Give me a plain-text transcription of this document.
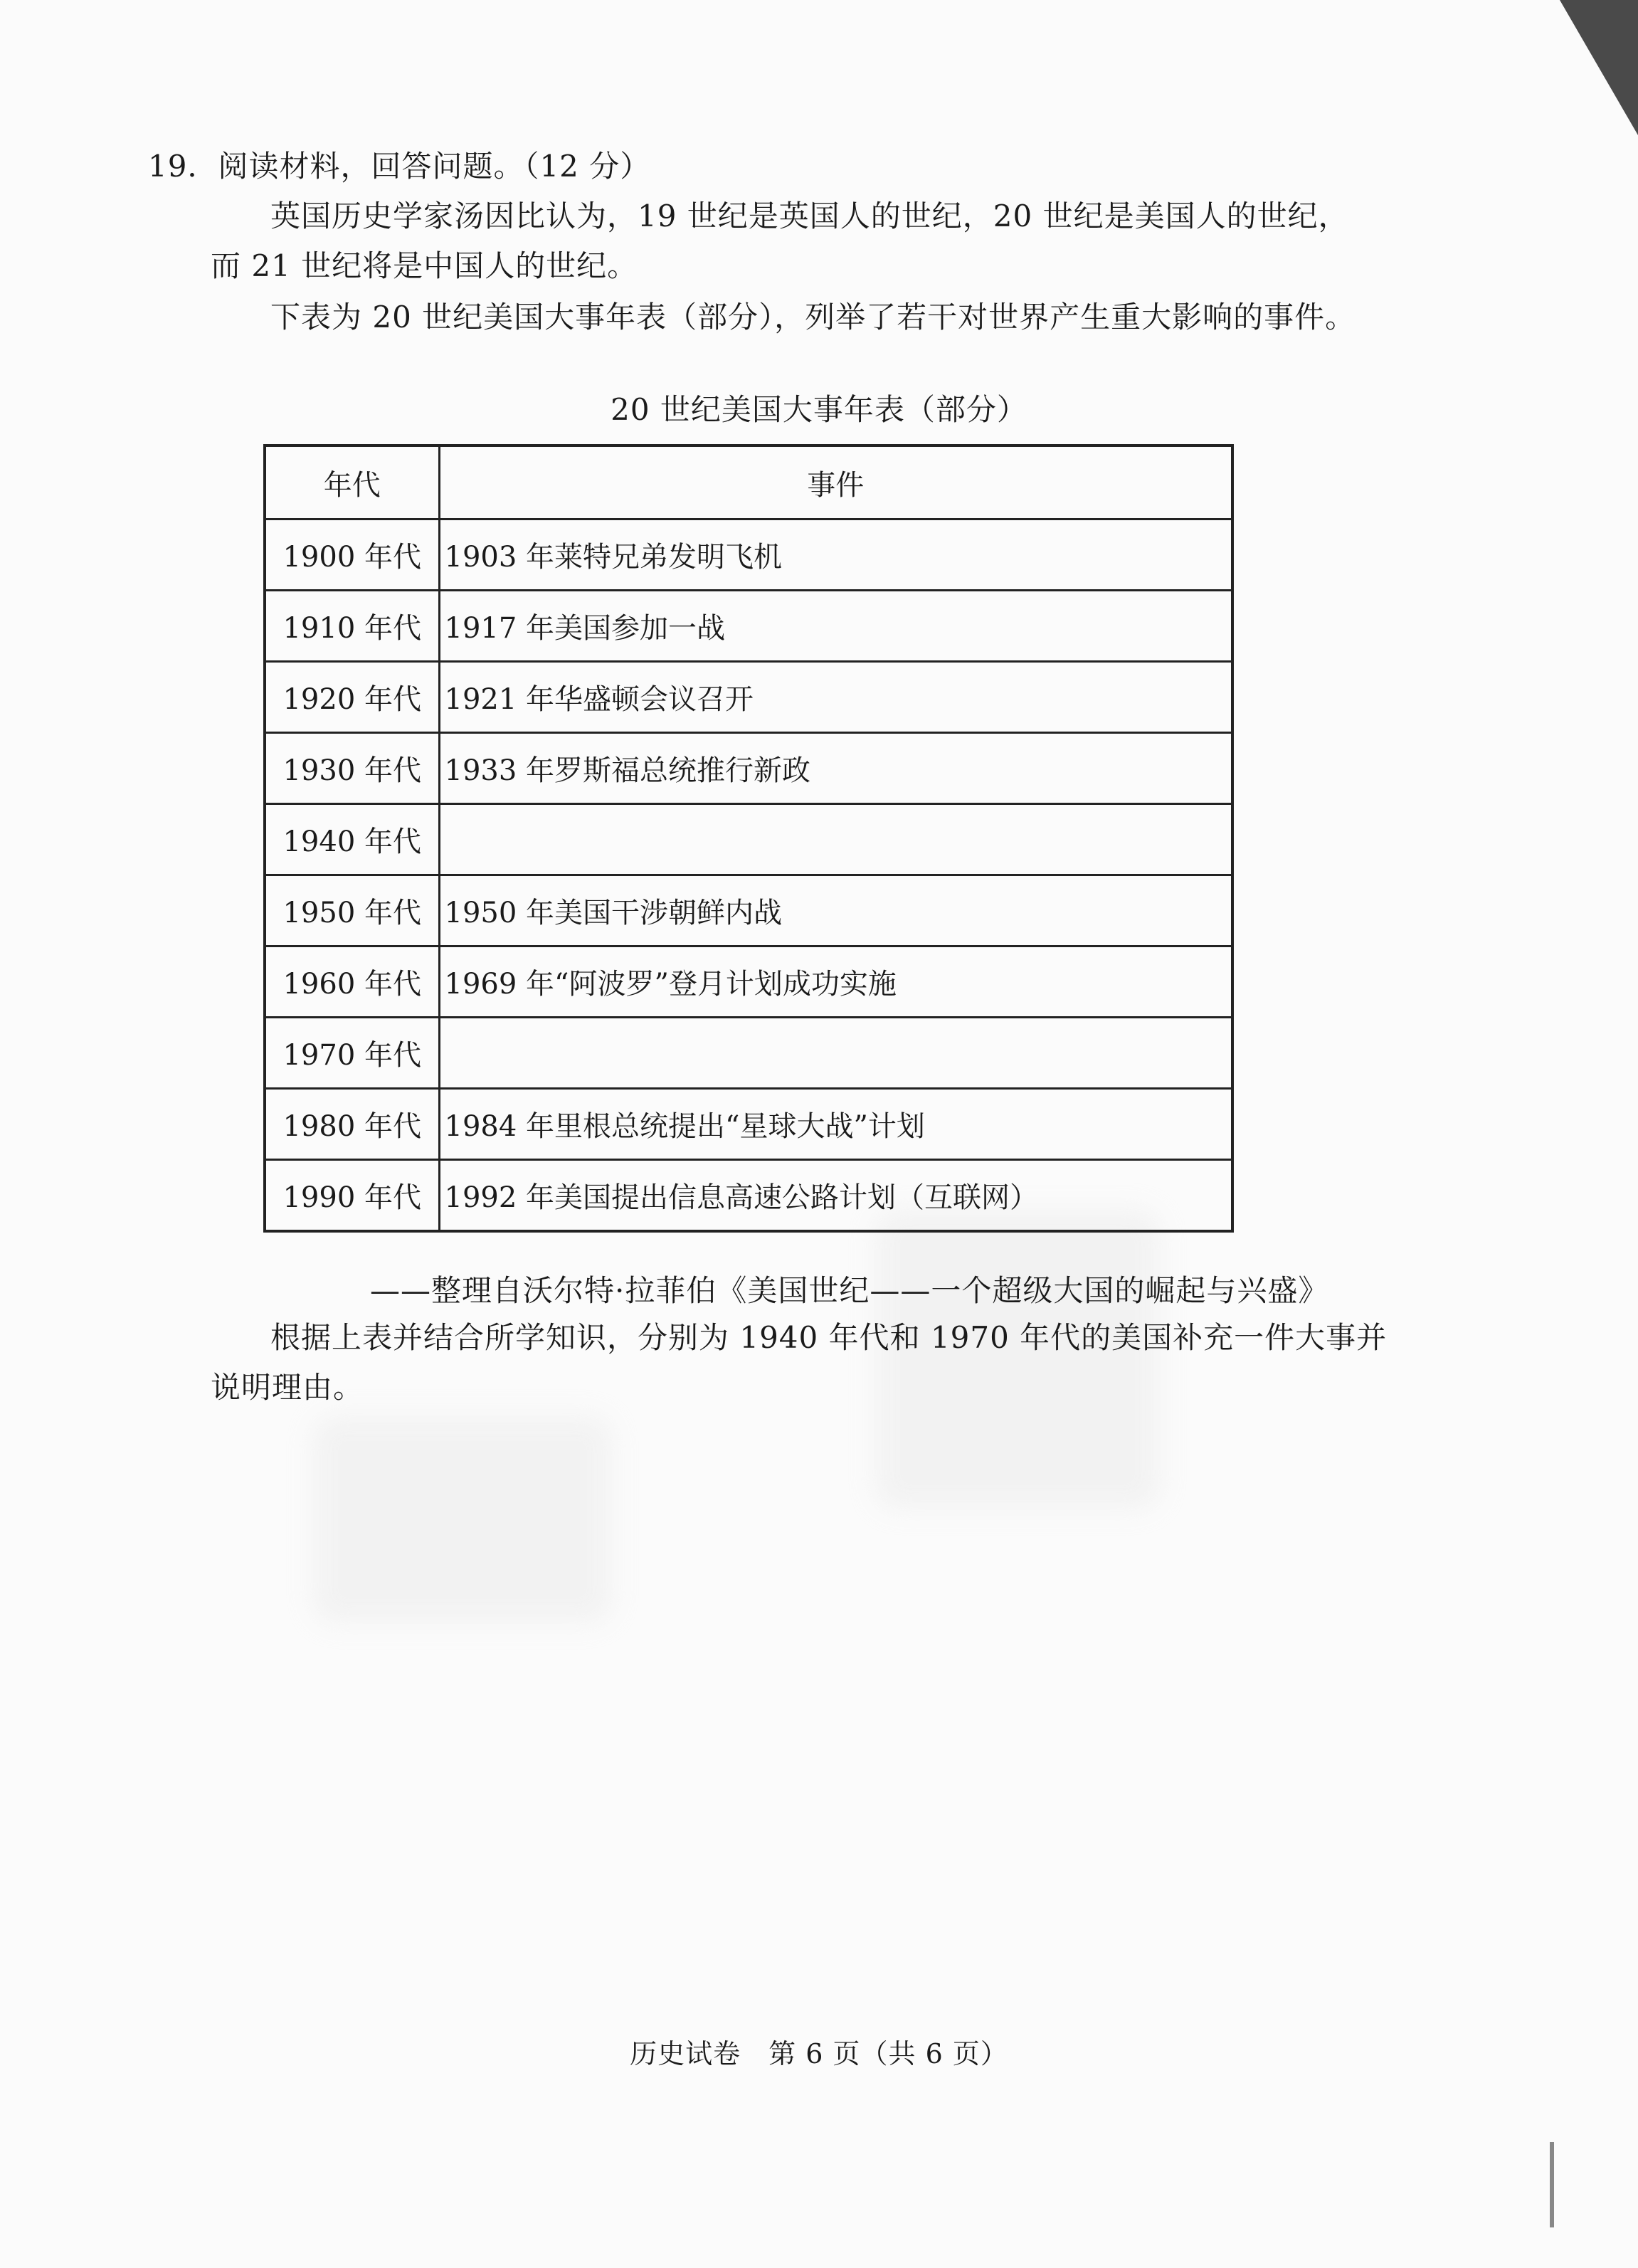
19．阅读材料，回答问题。（12 分）
英国历史学家汤因比认为，19 世纪是英国人的世纪，20 世纪是美国人的世纪，
而 21 世纪将是中国人的世纪。
下表为 20 世纪美国大事年表（部分），列举了若干对世界产生重大影响的事件。
20 世纪美国大事年表（部分）
年代	事件
1900 年代	1903 年莱特兄弟发明飞机
1910 年代	1917 年美国参加一战
1920 年代	1921 年华盛顿会议召开
1930 年代	1933 年罗斯福总统推行新政
1940 年代	
1950 年代	1950 年美国干涉朝鲜内战
1960 年代	1969 年“阿波罗”登月计划成功实施
1970 年代	
1980 年代	1984 年里根总统提出“星球大战”计划
1990 年代	1992 年美国提出信息高速公路计划（互联网）
——整理自沃尔特·拉菲伯《美国世纪——一个超级大国的崛起与兴盛》
根据上表并结合所学知识，分别为 1940 年代和 1970 年代的美国补充一件大事并
说明理由。
历史试卷　第 6 页（共 6 页）
